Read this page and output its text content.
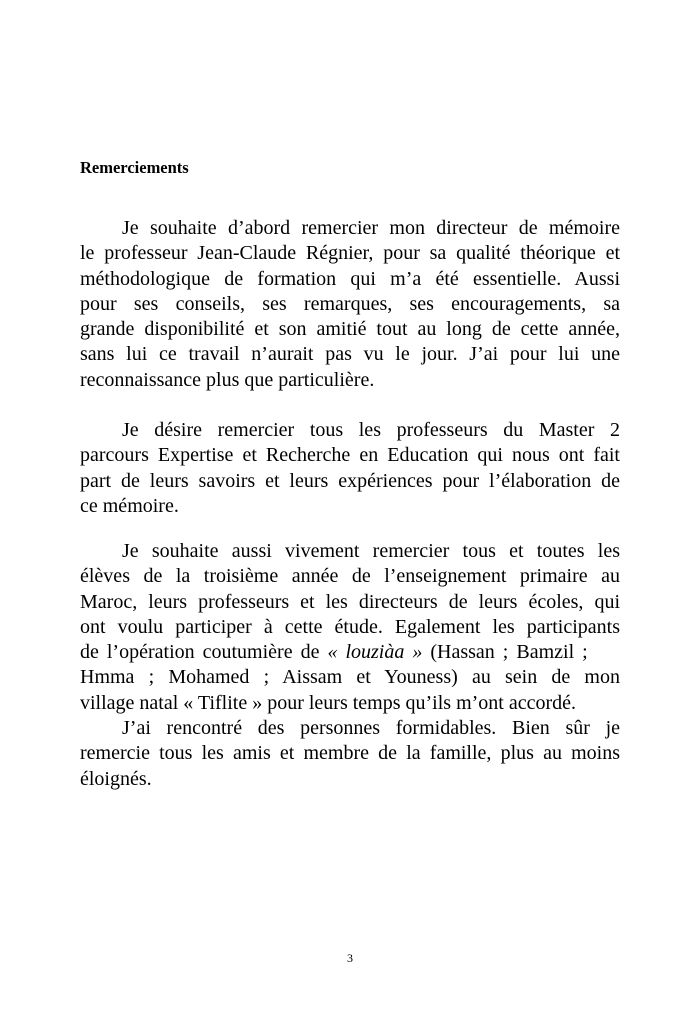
Remerciements
Je souhaite d’abord remercier mon directeur de mémoire
le professeur Jean-Claude Régnier, pour sa qualité théorique et
méthodologique de formation qui m’a été essentielle. Aussi
pour ses conseils, ses remarques, ses encouragements, sa
grande disponibilité et son amitié tout au long de cette année,
sans lui ce travail n’aurait pas vu le jour. J’ai pour lui une
reconnaissance plus que particulière.
Je désire remercier tous les professeurs du Master 2
parcours Expertise et Recherche en Education qui nous ont fait
part de leurs savoirs et leurs expériences pour l’élaboration de
ce mémoire.
Je souhaite aussi vivement remercier tous et toutes les
élèves de la troisième année de l’enseignement primaire au
Maroc, leurs professeurs et les directeurs de leurs écoles, qui
ont voulu participer à cette étude. Egalement les participants
de l’opération coutumière de « louziàa » (Hassan ; Bamzil ;
Hmma ; Mohamed ; Aissam et Youness) au sein de mon
village natal « Tiflite » pour leurs temps qu’ils m’ont accordé.
J’ai rencontré des personnes formidables. Bien sûr je
remercie tous les amis et membre de la famille, plus au moins
éloignés.
3
